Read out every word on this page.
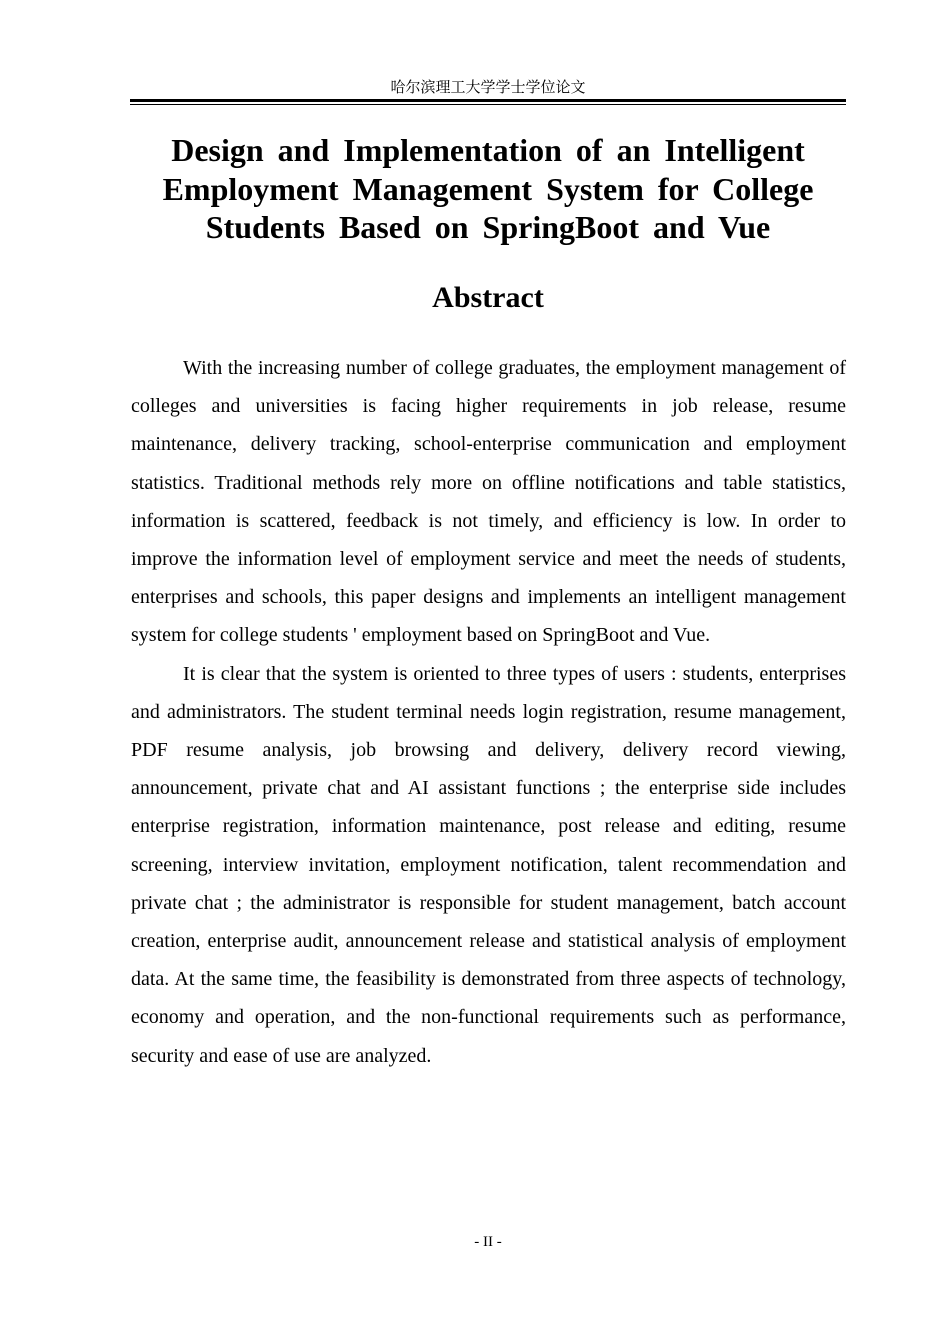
哈尔滨理工大学学士学位论文
Design and Implementation of an Intelligent
Employment Management System for College
Students Based on SpringBoot and Vue
Abstract

With the increasing number of college graduates, the employment management of colleges and universities is facing higher requirements in job release, resume maintenance, delivery tracking, school-enterprise communication and employment statistics. Traditional methods rely more on offline notifications and table statistics, information is scattered, feedback is not timely, and efficiency is low. In order to improve the information level of employment service and meet the needs of students, enterprises and schools, this paper designs and implements an intelligent management system for college students ' employment based on SpringBoot and Vue.

It is clear that the system is oriented to three types of users : students, enterprises and administrators. The student terminal needs login registration, resume management, PDF resume analysis, job browsing and delivery, delivery record viewing, announcement, private chat and AI assistant functions ; the enterprise side includes enterprise registration, information maintenance, post release and editing, resume screening, interview invitation, employment notification, talent recommendation and private chat ; the administrator is responsible for student management, batch account creation, enterprise audit, announcement release and statistical analysis of employment data. At the same time, the feasibility is demonstrated from three aspects of technology, economy and operation, and the non-functional requirements such as performance, security and ease of use are analyzed.

- II -
